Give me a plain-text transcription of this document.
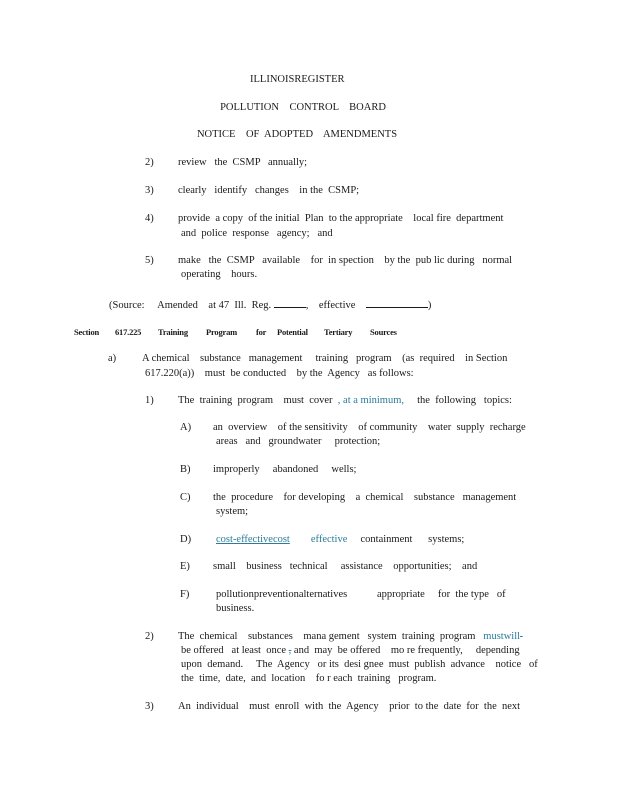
ILLINOISREGISTER
POLLUTION    CONTROL    BOARD
NOTICE    OF  ADOPTED    AMENDMENTS
2) review   the  CSMP   annually;
3) clearly   identify   changes    in the  CSMP;
4) provide  a copy  of the initial  Plan  to the appropriate    local fire  department
and  police  response   agency;   and
5) make   the  CSMP   available    for  in spection    by the  pub lic during   normal
operating    hours.
(Source:     Amended    at 47  Ill.  Reg.	,    effective	)
Section 617.225 Training Program for Potential Tertiary Sources
a) A chemical    substance   management     training   program    (as  required    in Section
617.220(a))    must  be conducted    by the  Agency   as follows:
1) The  training  program    must  cover  , at a minimum,     the  following   topics:
A) an  overview    of the sensitivity    of community    water  supply  recharge
areas   and   groundwater     protection;
B) improperly     abandoned     wells;
C) the  procedure    for developing    a  chemical    substance   management
system;
D) cost-effectivecost effective containment      systems;
E) small    business   technical     assistance    opportunities;    and
F)	pollutionpreventionalternatives	appropriate     for  the type   of
business.
2) The  chemical    substances    mana gement   system  training  program   mustwill
be offered   at least  once , and  may  be offered    mo re frequently,     depending
upon  demand.     The  Agency   or its  desi gnee  must  publish  advance    notice   of
the  time,  date,  and  location    fo r each  training   program.
3) An  individual    must  enroll  with  the  Agency    prior  to the  date  for  the  next
